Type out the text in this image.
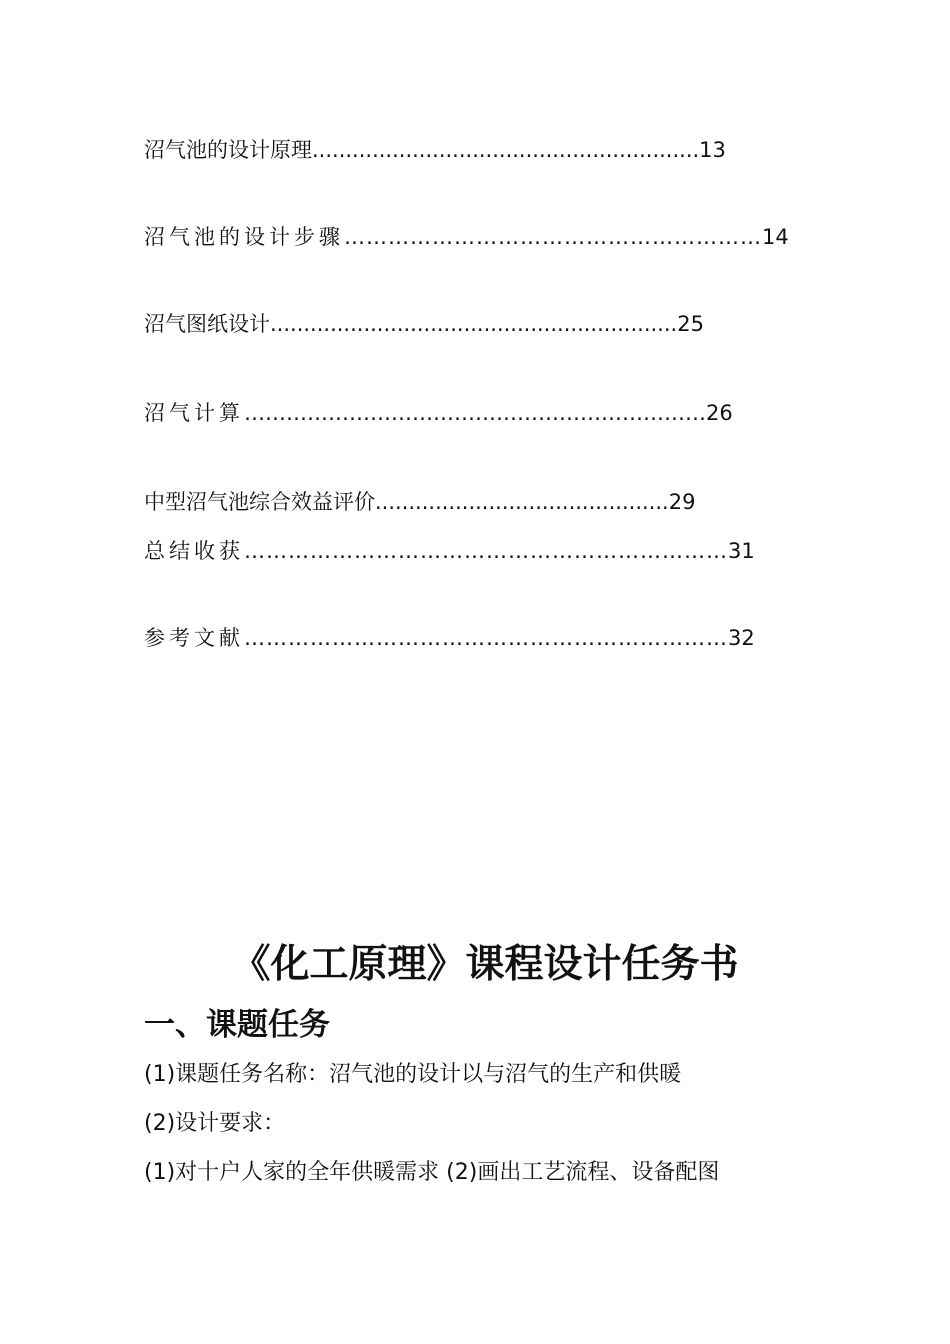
沼气池的设计原理..........................................................13
沼气池的设计步骤…………………………………………………14
沼气图纸设计.............................................................25
沼气计算…………………………………………………………26
中型沼气池综合效益评价............................................29
总结收获…………………………………………………………31
参考文献…………………………………………………………32
《化工原理》课程设计任务书
一、课题任务
(1)课题任务名称：沼气池的设计以与沼气的生产和供暖
(2)设计要求：
(1)对十户人家的全年供暖需求 (2)画出工艺流程、设备配图
